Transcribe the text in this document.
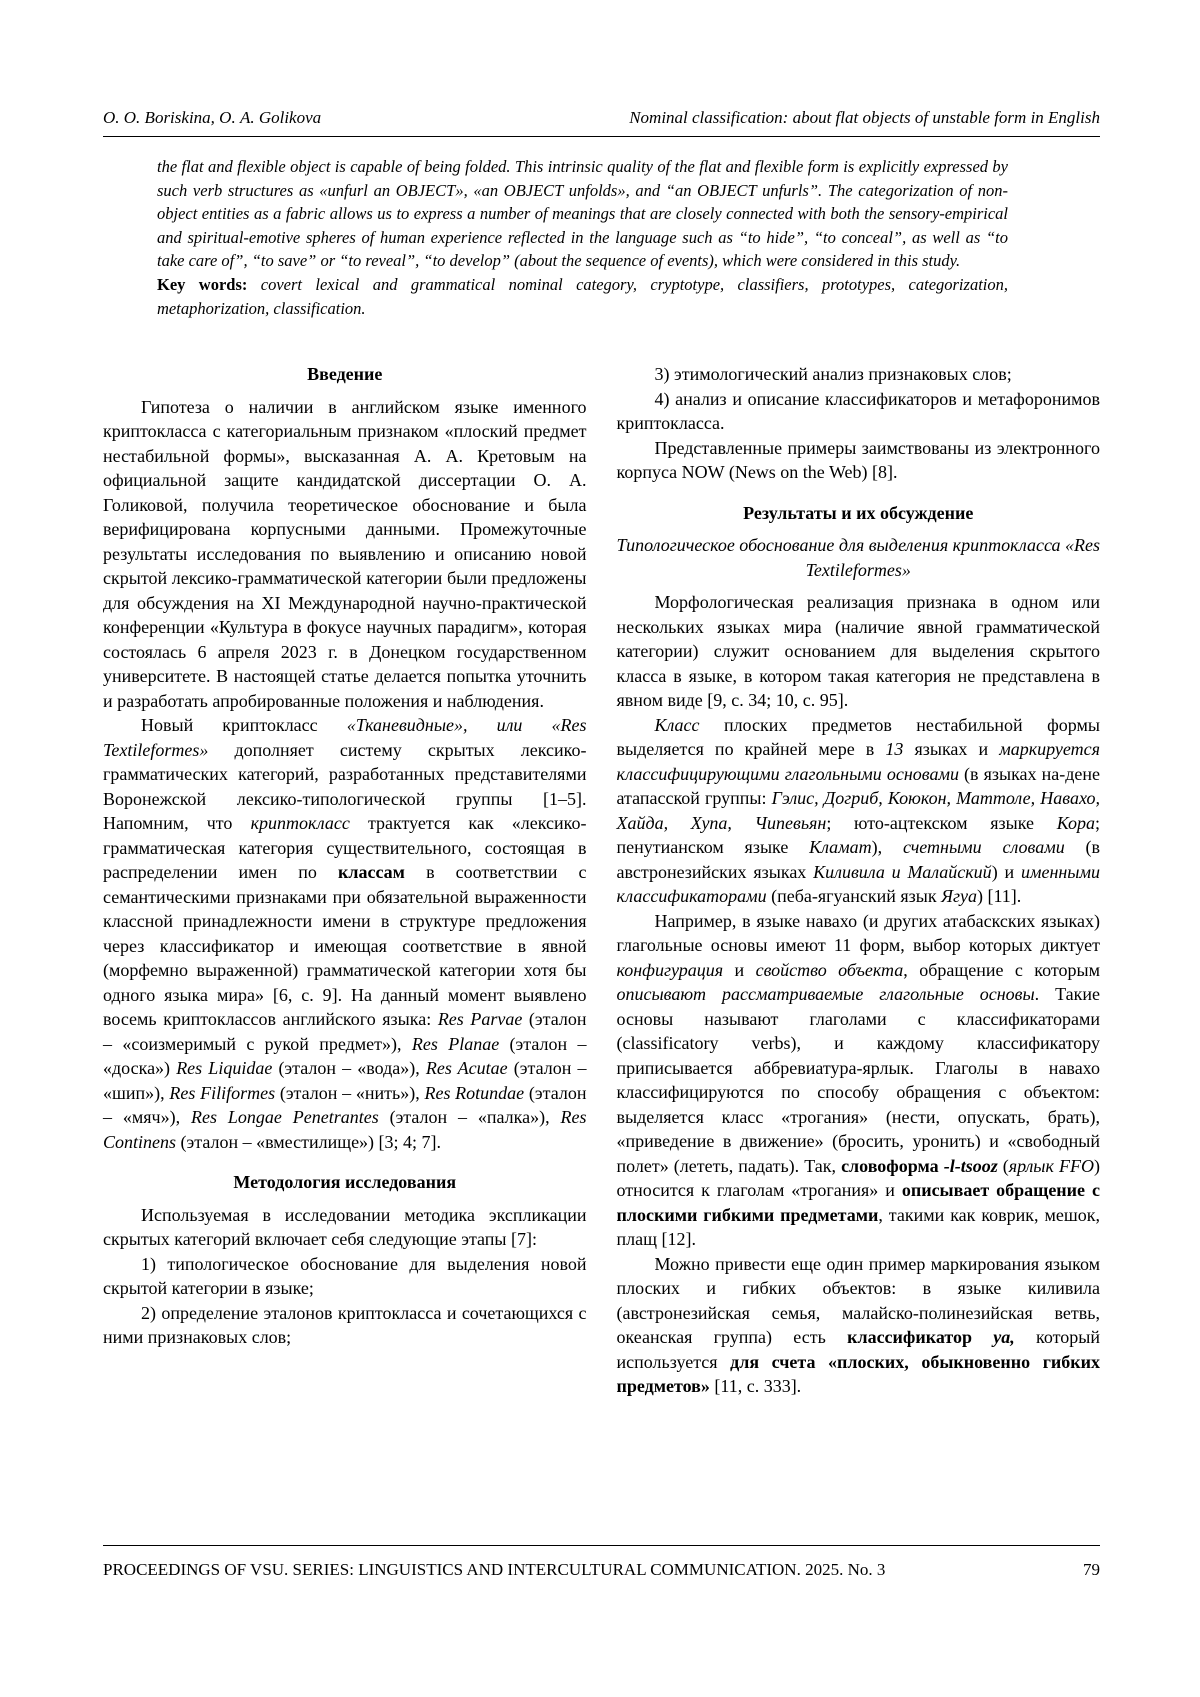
О. О. Boriskina, О. А. Golikova	Nominal classification: about flat objects of unstable form in English

the flat and flexible object is capable of being folded. This intrinsic quality of the flat and flexible form is explicitly expressed by such verb structures as «unfurl an OBJECT», «an OBJECT unfolds», and “an OBJECT unfurls”. The categorization of non-object entities as a fabric allows us to express a number of meanings that are closely connected with both the sensory-empirical and spiritual-emotive spheres of human experience reflected in the language such as “to hide”, “to conceal”, as well as “to take care of”, “to save” or “to reveal”, “to develop” (about the sequence of events), which were considered in this study.

Key words: covert lexical and grammatical nominal category, cryptotype, classifiers, prototypes, categorization, metaphorization, classification.

Введение
Гипотеза о наличии в английском языке именного криптокласса с категориальным признаком «плоский предмет нестабильной формы», высказанная А. А. Кретовым на официальной защите кандидатской диссертации О. А. Голиковой, получила теоретическое обоснование и была верифицирована корпусными данными. Промежуточные результаты исследования по выявлению и описанию новой скрытой лексико-грамматической категории были предложены для обсуждения на XI Международной научно-практической конференции «Культура в фокусе научных парадигм», которая состоялась 6 апреля 2023 г. в Донецком государственном университете. В настоящей статье делается попытка уточнить и разработать апробированные положения и наблюдения.
Новый криптокласс «Тканевидные», или «Res Textileformes» дополняет систему скрытых лексико-грамматических категорий, разработанных представителями Воронежской лексико-типологической группы [1–5]. Напомним, что криптокласс трактуется как «лексико-грамматическая категория существительного, состоящая в распределении имен по классам в соответствии с семантическими признаками при обязательной выраженности классной принадлежности имени в структуре предложения через классификатор и имеющая соответствие в явной (морфемно выраженной) грамматической категории хотя бы одного языка мира» [6, с. 9]. На данный момент выявлено восемь криптоклассов английского языка: Res Parvae (эталон – «соизмеримый с рукой предмет»), Res Planae (эталон – «доска») Res Liquidae (эталон – «вода»), Res Acutae (эталон – «шип»), Res Filiformes (эталон – «нить»), Res Rotundae (эталон – «мяч»), Res Longae Penetrantes (эталон – «палка»), Res Continens (эталон – «вместилище») [3; 4; 7].
Методология исследования
Используемая в исследовании методика экспликации скрытых категорий включает себя следующие этапы [7]:
1) типологическое обоснование для выделения новой скрытой категории в языке;
2) определение эталонов криптокласса и сочетающихся с ними признаковых слов;
3) этимологический анализ признаковых слов;
4) анализ и описание классификаторов и метафоронимов криптокласса.
Представленные примеры заимствованы из электронного корпуса NOW (News on the Web) [8].
Результаты и их обсуждение
Типологическое обоснование для выделения криптокласса «Res Textileformes»
Морфологическая реализация признака в одном или нескольких языках мира (наличие явной грамматической категории) служит основанием для выделения скрытого класса в языке, в котором такая категория не представлена в явном виде [9, с. 34; 10, с. 95].
Класс плоских предметов нестабильной формы выделяется по крайней мере в 13 языках и маркируется классифицирующими глагольными основами (в языках на-дене атапасской группы: Гэлис, Догриб, Коюкон, Маттоле, Навахо, Хайда, Хупа, Чипевьян; юто-ацтекском языке Кора; пенутианском языке Кламат), счетными словами (в австронезийских языках Киливила и Малайский) и именными классификаторами (пеба-ягуанский язык Ягуа) [11].
Например, в языке навахо (и других атабаскских языках) глагольные основы имеют 11 форм, выбор которых диктует конфигурация и свойство объекта, обращение с которым описывают рассматриваемые глагольные основы. Такие основы называют глаголами с классификаторами (classificatory verbs), и каждому классификатору приписывается аббревиатура-ярлык. Глаголы в навахо классифицируются по способу обращения с объектом: выделяется класс «трогания» (нести, опускать, брать), «приведение в движение» (бросить, уронить) и «свободный полет» (лететь, падать). Так, словоформа -l-tsooz (ярлык FFO) относится к глаголам «трогания» и описывает обращение с плоскими гибкими предметами, такими как коврик, мешок, плащ [12].
Можно привести еще один пример маркирования языком плоских и гибких объектов: в языке киливила (австронезийская семья, малайско-полинезийская ветвь, океанская группа) есть классификатор ya, который используется для счета «плоских, обыкновенно гибких предметов» [11, с. 333].
PROCEEDINGS OF VSU. SERIES: LINGUISTICS AND INTERCULTURAL COMMUNICATION. 2025. No. 3	79
